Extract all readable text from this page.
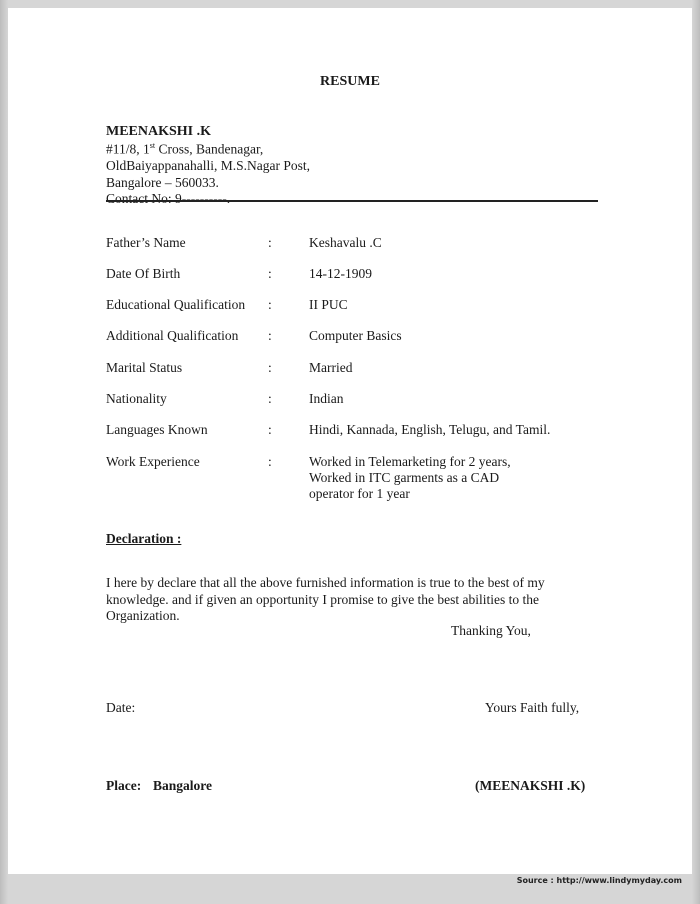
RESUME
MEENAKSHI .K
#11/8, 1st Cross, Bandenagar,
OldBaiyappanahalli, M.S.Nagar Post,
Bangalore – 560033.
Contact No: 9----------.
Father’s Name	:	Keshavalu .C
Date Of Birth	:	14-12-1909
Educational Qualification :	II PUC
Additional Qualification :	Computer Basics
Marital Status	:	Married
Nationality	:	Indian
Languages Known	:	Hindi, Kannada, English, Telugu, and Tamil.
Work Experience	:	Worked in Telemarketing for 2 years,
Worked in ITC garments as a CAD
operator for 1 year
Declaration :
I here by declare that all the above furnished information is true to the best of my
knowledge. and if given an opportunity I promise to give the best abilities to the
Organization.
Thanking You,
Date:	Yours Faith fully,
Place: Bangalore	(MEENAKSHI .K)
Source : http://www.lindymyday.com
